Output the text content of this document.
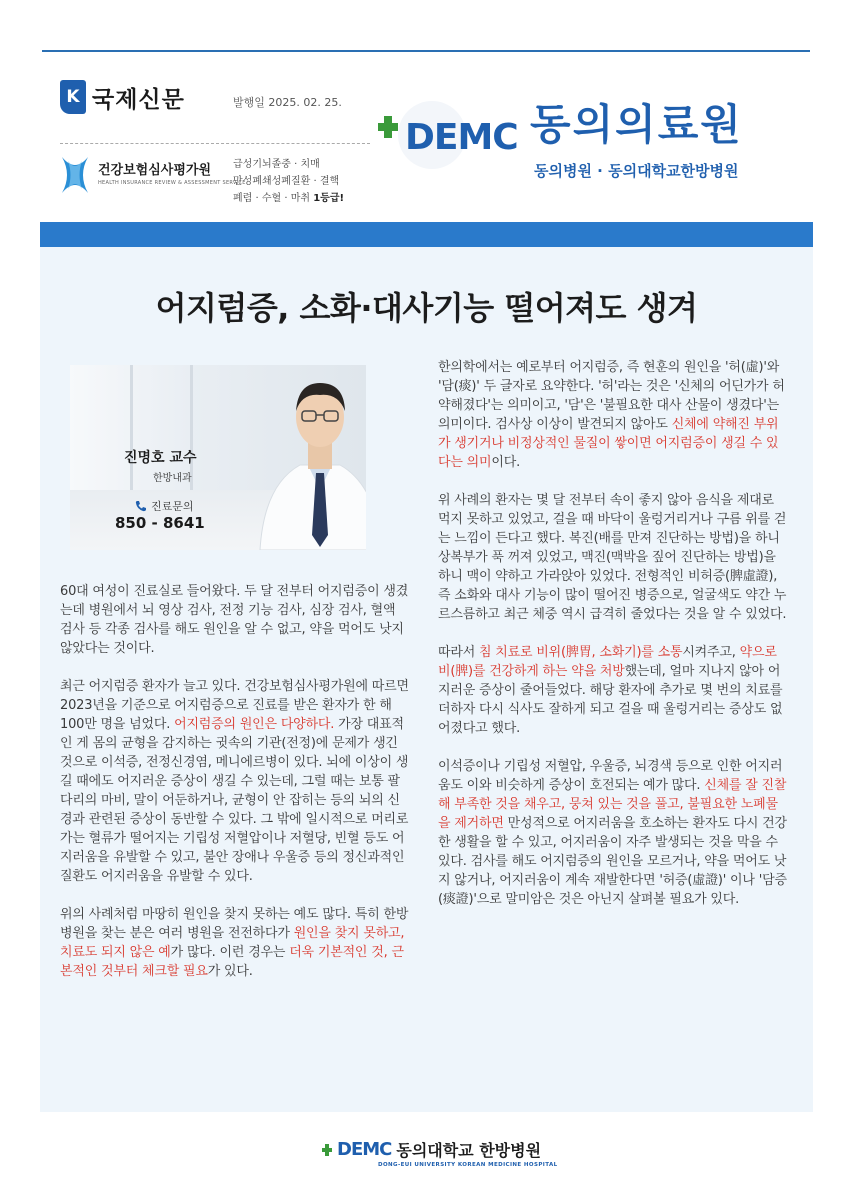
K 국제신문	발행일 2025. 02. 25.
건강보험심사평가원
HEALTH INSURANCE REVIEW & ASSESSMENT SERVICE
급성기뇌졸중 · 치매
만성폐쇄성폐질환 · 결핵
폐렴 · 수혈 · 마취 1등급!
DEMC 동의의료원
동의병원 · 동의대학교한방병원
어지럼증, 소화·대사기능 떨어져도 생겨
진명호 교수
한방내과
진료문의
850 - 8641

60대 여성이 진료실로 들어왔다. 두 달 전부터 어지럼증이 생겼는데 병원에서 뇌 영상 검사, 전정 기능 검사, 심장 검사, 혈액 검사 등 각종 검사를 해도 원인을 알 수 없고, 약을 먹어도 낫지 않았다는 것이다.

최근 어지럼증 환자가 늘고 있다. 건강보험심사평가원에 따르면 2023년을 기준으로 어지럼증으로 진료를 받은 환자가 한 해 100만 명을 넘었다. 어지럼증의 원인은 다양하다. 가장 대표적인 게 몸의 균형을 감지하는 귓속의 기관(전정)에 문제가 생긴 것으로 이석증, 전정신경염, 메니에르병이 있다. 뇌에 이상이 생길 때에도 어지러운 증상이 생길 수 있는데, 그럴 때는 보통 팔다리의 마비, 말이 어둔하거나, 균형이 안 잡히는 등의 뇌의 신경과 관련된 증상이 동반할 수 있다. 그 밖에 일시적으로 머리로 가는 혈류가 떨어지는 기립성 저혈압이나 저혈당, 빈혈 등도 어지러움을 유발할 수 있고, 불안 장애나 우울증 등의 정신과적인 질환도 어지러움을 유발할 수 있다.

위의 사례처럼 마땅히 원인을 찾지 못하는 예도 많다. 특히 한방병원을 찾는 분은 여러 병원을 전전하다가 원인을 찾지 못하고, 치료도 되지 않은 예가 많다. 이런 경우는 더욱 기본적인 것, 근본적인 것부터 체크할 필요가 있다.

한의학에서는 예로부터 어지럼증, 즉 현훈의 원인을 '허(虛)'와 '담(痰)' 두 글자로 요약한다. '허'라는 것은 '신체의 어딘가가 허약해졌다'는 의미이고, '담'은 '불필요한 대사 산물이 생겼다'는 의미이다. 검사상 이상이 발견되지 않아도 신체에 약해진 부위가 생기거나 비정상적인 물질이 쌓이면 어지럼증이 생길 수 있다는 의미이다.

위 사례의 환자는 몇 달 전부터 속이 좋지 않아 음식을 제대로 먹지 못하고 있었고, 걸을 때 바닥이 울렁거리거나 구름 위를 걷는 느낌이 든다고 했다. 복진(배를 만져 진단하는 방법)을 하니 상복부가 푹 꺼져 있었고, 맥진(맥박을 짚어 진단하는 방법)을 하니 맥이 약하고 가라앉아 있었다. 전형적인 비허증(脾虛證), 즉 소화와 대사 기능이 많이 떨어진 병증으로, 얼굴색도 약간 누르스름하고 최근 체중 역시 급격히 줄었다는 것을 알 수 있었다.

따라서 침 치료로 비위(脾胃, 소화기)를 소통시켜주고, 약으로 비(脾)를 건강하게 하는 약을 처방했는데, 얼마 지나지 않아 어지러운 증상이 줄어들었다. 해당 환자에 추가로 몇 번의 치료를 더하자 다시 식사도 잘하게 되고 걸을 때 울렁거리는 증상도 없어졌다고 했다.

이석증이나 기립성 저혈압, 우울증, 뇌경색 등으로 인한 어지러움도 이와 비슷하게 증상이 호전되는 예가 많다. 신체를 잘 진찰해 부족한 것을 채우고, 뭉쳐 있는 것을 풀고, 불필요한 노폐물을 제거하면 만성적으로 어지러움을 호소하는 환자도 다시 건강한 생활을 할 수 있고, 어지러움이 자주 발생되는 것을 막을 수 있다. 검사를 해도 어지럼증의 원인을 모르거나, 약을 먹어도 낫지 않거나, 어지러움이 계속 재발한다면 '허증(虛證)' 이나 '담증(痰證)'으로 말미암은 것은 아닌지 살펴볼 필요가 있다.

DEMC 동의대학교 한방병원
DONG-EUI UNIVERSITY KOREAN MEDICINE HOSPITAL
